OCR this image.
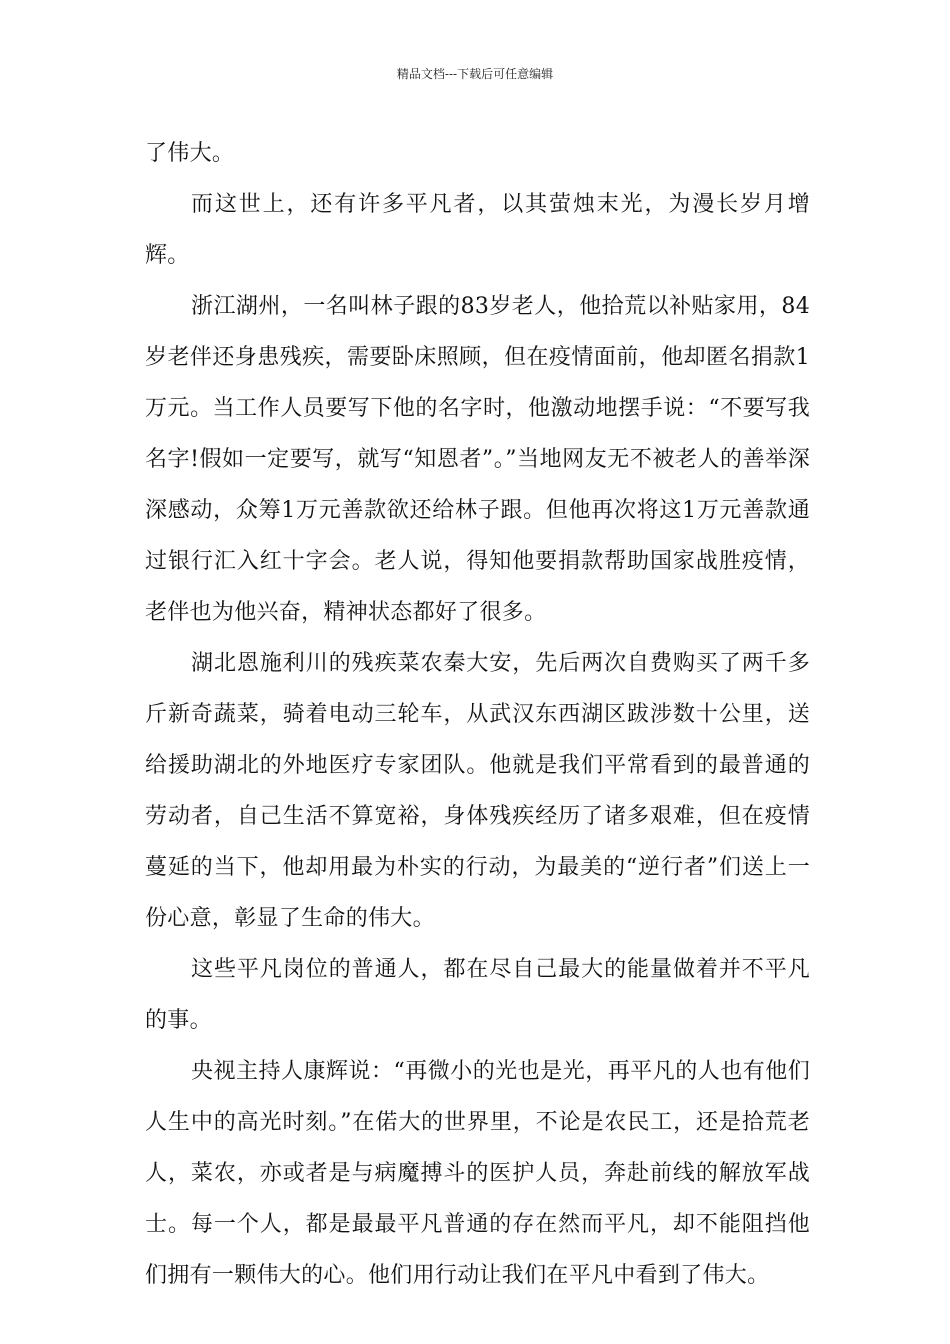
精品文档---下载后可任意编辑

了伟大。

而这世上，还有许多平凡者，以其萤烛末光，为漫长岁月增辉。

浙江湖州，一名叫林子跟的83岁老人，他拾荒以补贴家用，84岁老伴还身患残疾，需要卧床照顾，但在疫情面前，他却匿名捐款1万元。当工作人员要写下他的名字时，他激动地摆手说：“不要写我名字!假如一定要写，就写“知恩者”。”当地网友无不被老人的善举深深感动，众筹1万元善款欲还给林子跟。但他再次将这1万元善款通过银行汇入红十字会。老人说，得知他要捐款帮助国家战胜疫情，老伴也为他兴奋，精神状态都好了很多。

湖北恩施利川的残疾菜农秦大安，先后两次自费购买了两千多斤新奇蔬菜，骑着电动三轮车，从武汉东西湖区跋涉数十公里，送给援助湖北的外地医疗专家团队。他就是我们平常看到的最普通的劳动者，自己生活不算宽裕，身体残疾经历了诸多艰难，但在疫情蔓延的当下，他却用最为朴实的行动，为最美的“逆行者”们送上一份心意，彰显了生命的伟大。

这些平凡岗位的普通人，都在尽自己最大的能量做着并不平凡的事。

央视主持人康辉说：“再微小的光也是光，再平凡的人也有他们人生中的高光时刻。”在偌大的世界里，不论是农民工，还是拾荒老人，菜农，亦或者是与病魔搏斗的医护人员，奔赴前线的解放军战士。每一个人，都是最最平凡普通的存在然而平凡，却不能阻挡他们拥有一颗伟大的心。他们用行动让我们在平凡中看到了伟大。
